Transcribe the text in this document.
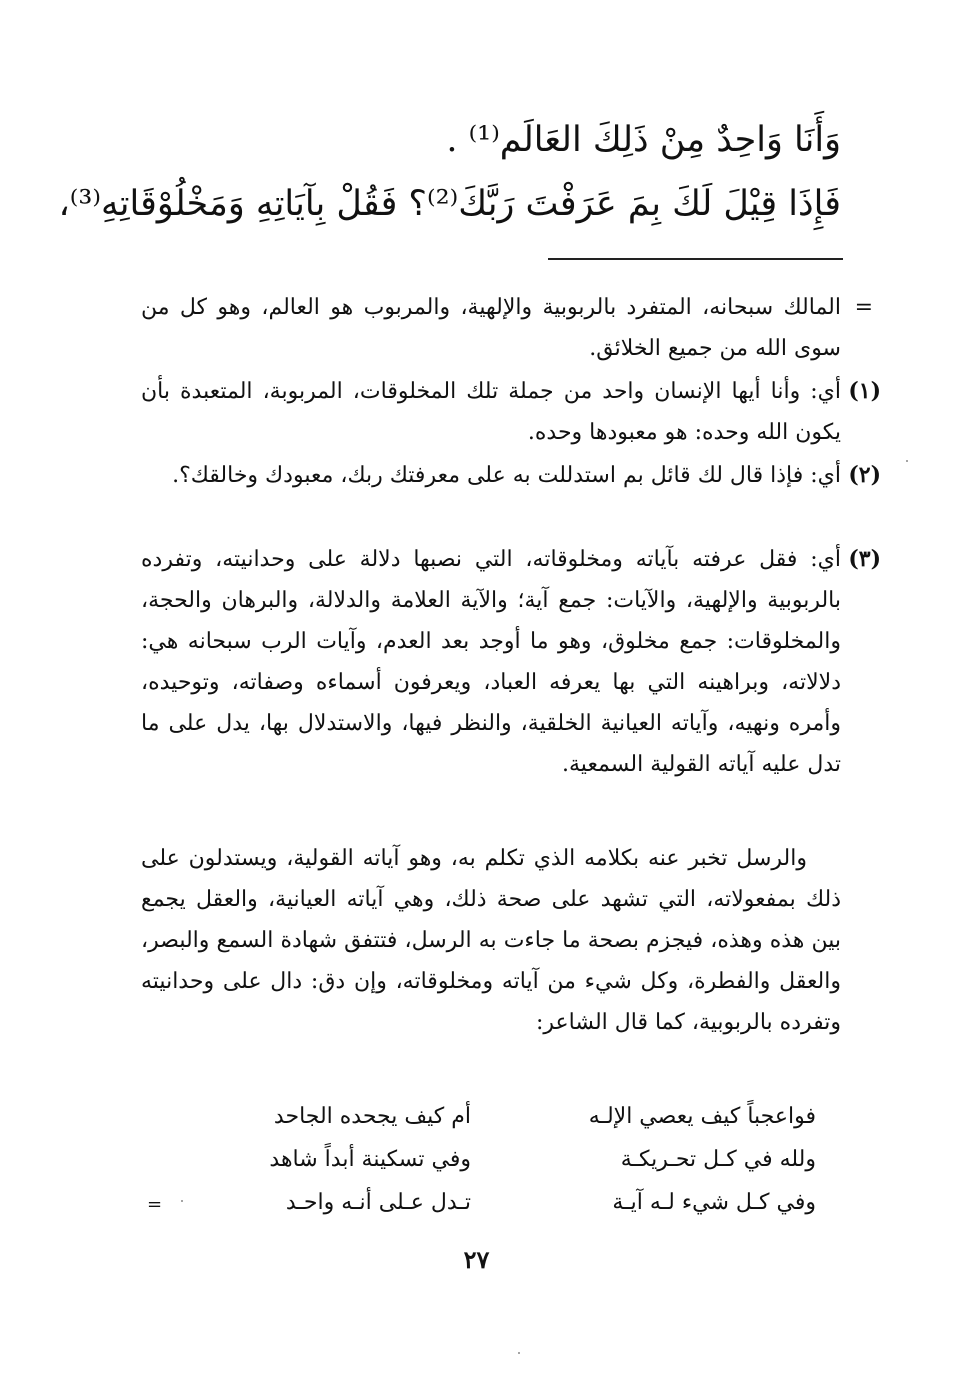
وَأَنَا وَاحِدٌ مِنْ ذَلِكَ العَالَم⁽¹⁾ .
فَإِذَا قِيْلَ لَكَ بِمَ عَرَفْتَ رَبَّكَ⁽²⁾؟ فَقُلْ بِآيَاتِهِ وَمَخْلُوْقَاتِهِ⁽³⁾،
=
المالك سبحانه، المتفرد بالربوبية والإلهية، والمربوب هو العالم، وهو كل من سوى الله من جميع الخلائق.
(١)
أي: وأنا أيها الإنسان واحد من جملة تلك المخلوقات، المربوبة، المتعبدة بأن يكون الله وحده: هو معبودها وحده.
(٢)
أي: فإذا قال لك قائل بم استدللت به على معرفتك ربك، معبودك وخالقك؟.
(٣)
أي: فقل عرفته بآياته ومخلوقاته، التي نصبها دلالة على وحدانيته، وتفرده بالربوبية والإلهية، والآيات: جمع آية؛ والآية العلامة والدلالة، والبرهان والحجة، والمخلوقات: جمع مخلوق، وهو ما أوجد بعد العدم، وآيات الرب سبحانه هي: دلالاته، وبراهينه التي بها يعرفه العباد، ويعرفون أسماءه وصفاته، وتوحيده، وأمره ونهيه، وآياته العيانية الخلقية، والنظر فيها، والاستدلال بها، يدل على ما تدل عليه آياته القولية السمعية.
والرسل تخبر عنه بكلامه الذي تكلم به، وهو آياته القولية، ويستدلون على ذلك بمفعولاته، التي تشهد على صحة ذلك، وهي آياته العيانية، والعقل يجمع بين هذه وهذه، فيجزم بصحة ما جاءت به الرسل، فتتفق شهادة السمع والبصر، والعقل والفطرة، وكل شيء من آياته ومخلوقاته، وإن دق: دال على وحدانيته وتفرده بالربوبية، كما قال الشاعر:
فواعجباً كيف يعصي الإلـه
أم كيف يجحده الجاحد
ولله في كـل تحـريكـة
وفي تسكينة أبداً شاهد
وفي كـل شيء لـه آيـة
تـدل عـلى أنـه واحـد
=
٢٧
